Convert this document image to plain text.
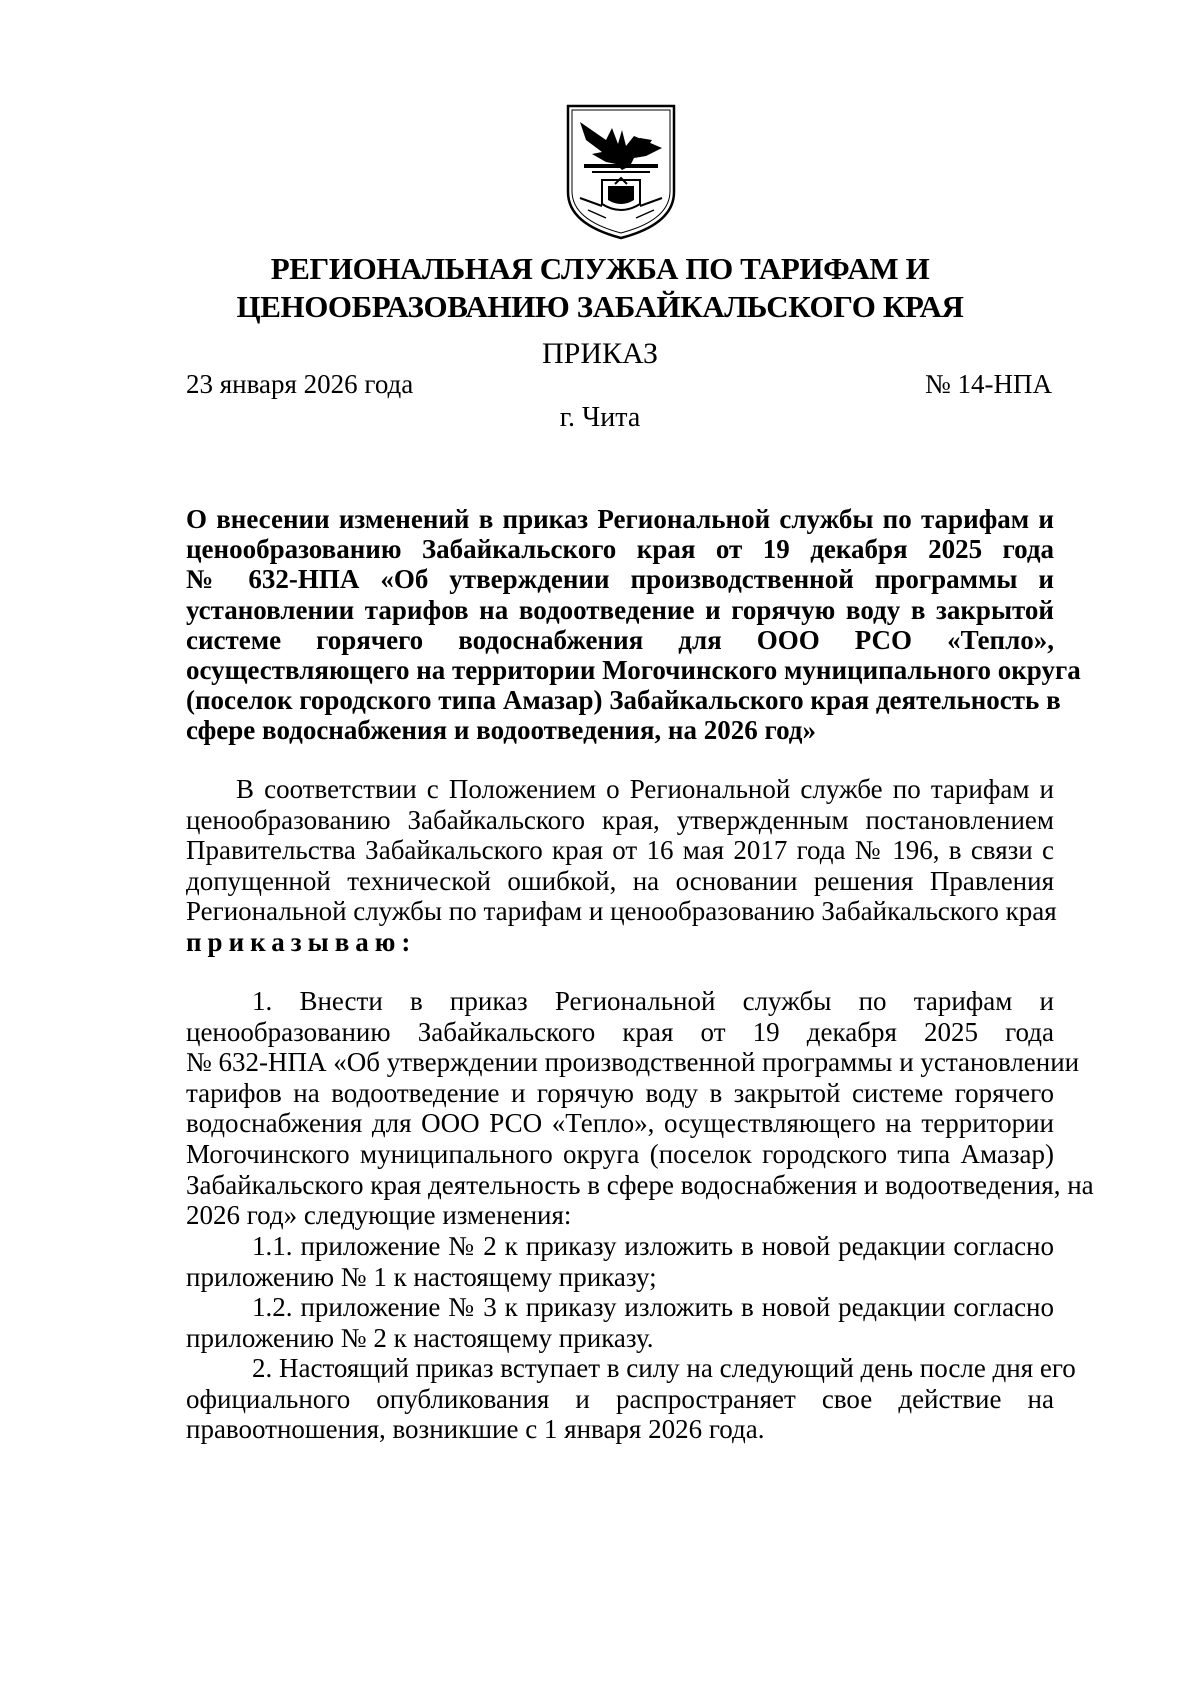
РЕГИОНАЛЬНАЯ СЛУЖБА ПО ТАРИФАМ И
ЦЕНООБРАЗОВАНИЮ ЗАБАЙКАЛЬСКОГО КРАЯ
ПРИКАЗ
23 января 2026 года	№ 14-НПА
г. Чита
О внесении изменений в приказ Региональной службы по тарифам и
ценообразованию Забайкальского края от 19 декабря 2025 года
№ 632-НПА «Об утверждении производственной программы и
установлении тарифов на водоотведение и горячую воду в закрытой
системе горячего водоснабжения для ООО РСО «Тепло»,
осуществляющего на территории Могочинского муниципального округа
(поселок городского типа Амазар) Забайкальского края деятельность в
сфере водоснабжения и водоотведения, на 2026 год»
В соответствии с Положением о Региональной службе по тарифам и
ценообразованию Забайкальского края, утвержденным постановлением
Правительства Забайкальского края от 16 мая 2017 года № 196, в связи с
допущенной технической ошибкой, на основании решения Правления
Региональной службы по тарифам и ценообразованию Забайкальского края
приказываю:
1. Внести в приказ Региональной службы по тарифам и
ценообразованию Забайкальского края от 19 декабря 2025 года
№ 632-НПА «Об утверждении производственной программы и установлении
тарифов на водоотведение и горячую воду в закрытой системе горячего
водоснабжения для ООО РСО «Тепло», осуществляющего на территории
Могочинского муниципального округа (поселок городского типа Амазар)
Забайкальского края деятельность в сфере водоснабжения и водоотведения, на
2026 год» следующие изменения:
1.1. приложение № 2 к приказу изложить в новой редакции согласно
приложению № 1 к настоящему приказу;
1.2. приложение № 3 к приказу изложить в новой редакции согласно
приложению № 2 к настоящему приказу.
2. Настоящий приказ вступает в силу на следующий день после дня его
официального опубликования и распространяет свое действие на
правоотношения, возникшие с 1 января 2026 года.
